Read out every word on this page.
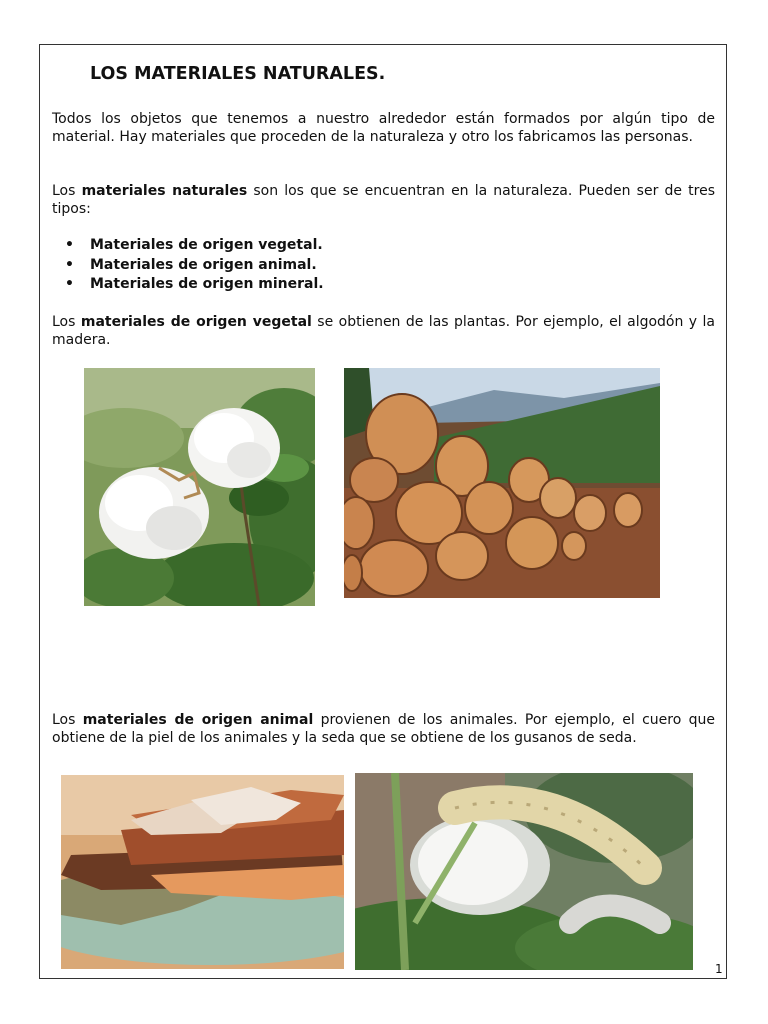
LOS MATERIALES NATURALES.

Todos los objetos que tenemos a nuestro alrededor están formados por algún tipo de material. Hay materiales que proceden de la naturaleza y otro los fabricamos las personas.

Los materiales naturales son los que se encuentran en la naturaleza. Pueden ser de tres tipos:

• Materiales de origen vegetal.
• Materiales de origen animal.
• Materiales de origen mineral.

Los materiales de origen vegetal se obtienen de las plantas. Por ejemplo, el algodón y la madera.

Los materiales de origen animal provienen de los animales. Por ejemplo, el cuero que obtiene de la piel de los animales y la seda que se obtiene de los gusanos de seda.

1
